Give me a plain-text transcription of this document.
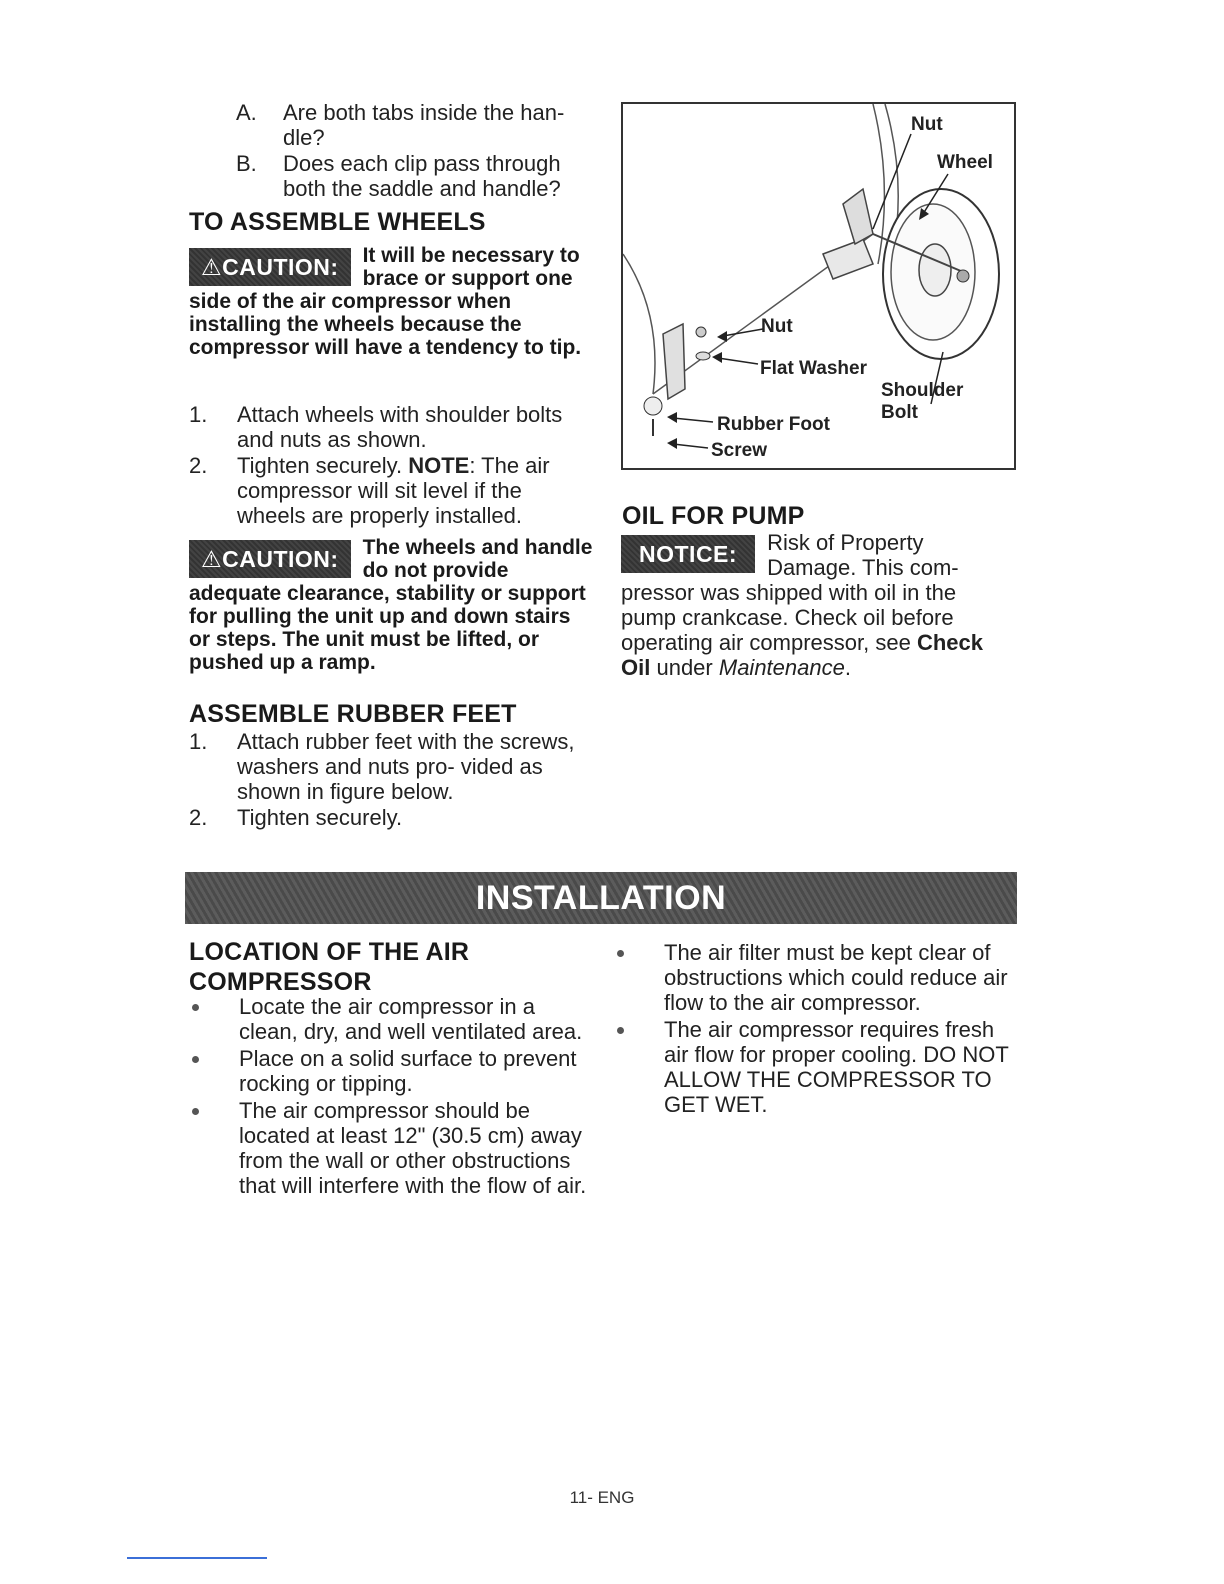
A. Are both tabs inside the han- dle?
B. Does each clip pass through both the saddle and handle?
TO ASSEMBLE WHEELS

⚠CAUTION:	It will be necessary to brace or support one side of the air compressor when installing the wheels because the compressor will have a tendency to tip.

1. Attach wheels with shoulder bolts and nuts as shown.
2. Tighten securely. NOTE: The air compressor will sit level if the wheels are properly installed.

⚠CAUTION:	The wheels and handle do not provide adequate clearance, stability or support for pulling the unit up and down stairs or steps. The unit must be lifted, or pushed up a ramp.

ASSEMBLE RUBBER FEET
1. Attach rubber feet with the screws, washers and nuts pro- vided as shown in figure below.
2. Tighten securely.
Nut
Wheel
Nut
Flat Washer
Shoulder
Bolt
Rubber Foot
Screw
OIL FOR PUMP

NOTICE:	Risk of Property Damage. This com- pressor was shipped with oil in the pump crankcase. Check oil before operating air compressor, see Check Oil under Maintenance.

INSTALLATION
LOCATION OF THE AIR
COMPRESSOR
Locate the air compressor in a clean, dry, and well ventilated area.
Place on a solid surface to prevent rocking or tipping.
The air compressor should be located at least 12" (30.5 cm) away from the wall or other obstructions that will interfere with the flow of air.
The air filter must be kept clear of obstructions which could reduce air flow to the air compressor.
The air compressor requires fresh air flow for proper cooling. DO NOT ALLOW THE COMPRESSOR TO GET WET.
11- ENG
